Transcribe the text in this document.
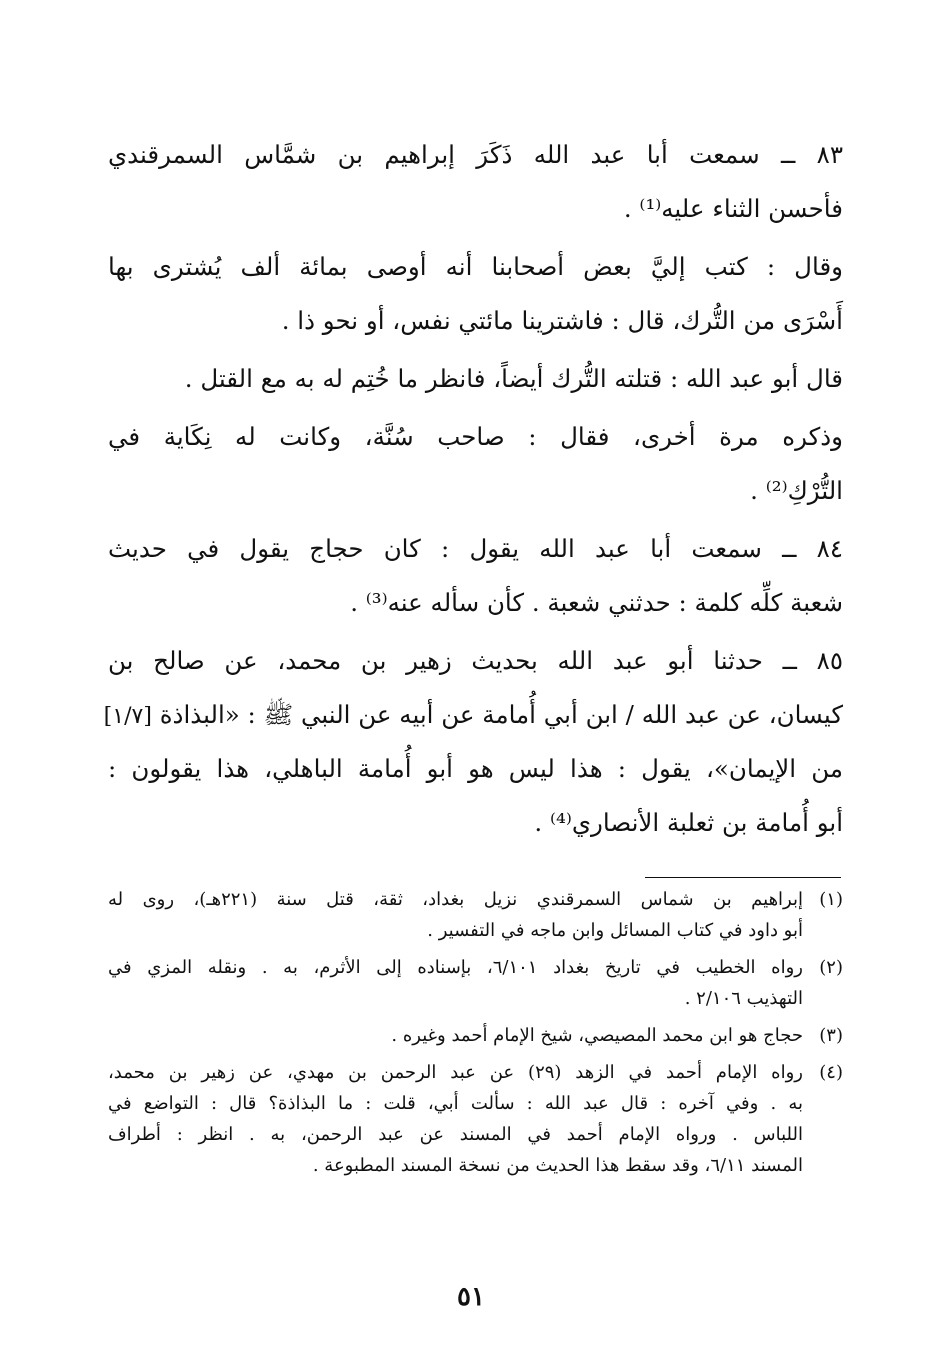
٨٣ ــ سمعت أبا عبد الله ذَكَرَ إبراهيم بن شمَّاس السمرقندي
فأحسن الثناء عليه⁽¹⁾ .
وقال : كتب إليَّ بعض أصحابنا أنه أوصى بمائة ألف يُشترى بها
أَسْرَى من التُّرك، قال : فاشترينا مائتي نفس، أو نحو ذا .
قال أبو عبد الله : قتلته التُّرك أيضاً، فانظر ما خُتِم له به مع القتل .
وذكره مرة أخرى، فقال : صاحب سُنَّة، وكانت له نِكَاية في
التُّرْكِ⁽²⁾ .
٨٤ ــ سمعت أبا عبد الله يقول : كان حجاج يقول في حديث
شعبة كلِّه كلمة : حدثني شعبة . كأن سأله عنه⁽³⁾ .
٨٥ ــ حدثنا أبو عبد الله بحديث زهير بن محمد، عن صالح بن
كيسان، عن عبد الله / ابن أبي أُمامة عن أبيه عن النبي ﷺ : «البذاذة [١/٧]
من الإيمان»، يقول : هذا ليس هو أبو أُمامة الباهلي، هذا يقولون :
أبو أُمامة بن ثعلبة الأنصاري⁽⁴⁾ .
(١)
إبراهيم بن شماس السمرقندي نزيل بغداد، ثقة، قتل سنة (٢٢١هـ)، روى له
أبو داود في كتاب المسائل وابن ماجه في التفسير .
(٢)
رواه الخطيب في تاريخ بغداد ٦/١٠١، بإسناده إلى الأثرم، به . ونقله المزي في
التهذيب ٢/١٠٦ .
(٣)
حجاج هو ابن محمد المصيصي، شيخ الإمام أحمد وغيره .
(٤)
رواه الإمام أحمد في الزهد (٢٩) عن عبد الرحمن بن مهدي، عن زهير بن محمد،
به . وفي آخره : قال عبد الله : سألت أبي، قلت : ما البذاذة؟ قال : التواضع في
اللباس . ورواه الإمام أحمد في المسند عن عبد الرحمن، به . انظر : أطراف
المسند ٦/١١، وقد سقط هذا الحديث من نسخة المسند المطبوعة .
٥١
